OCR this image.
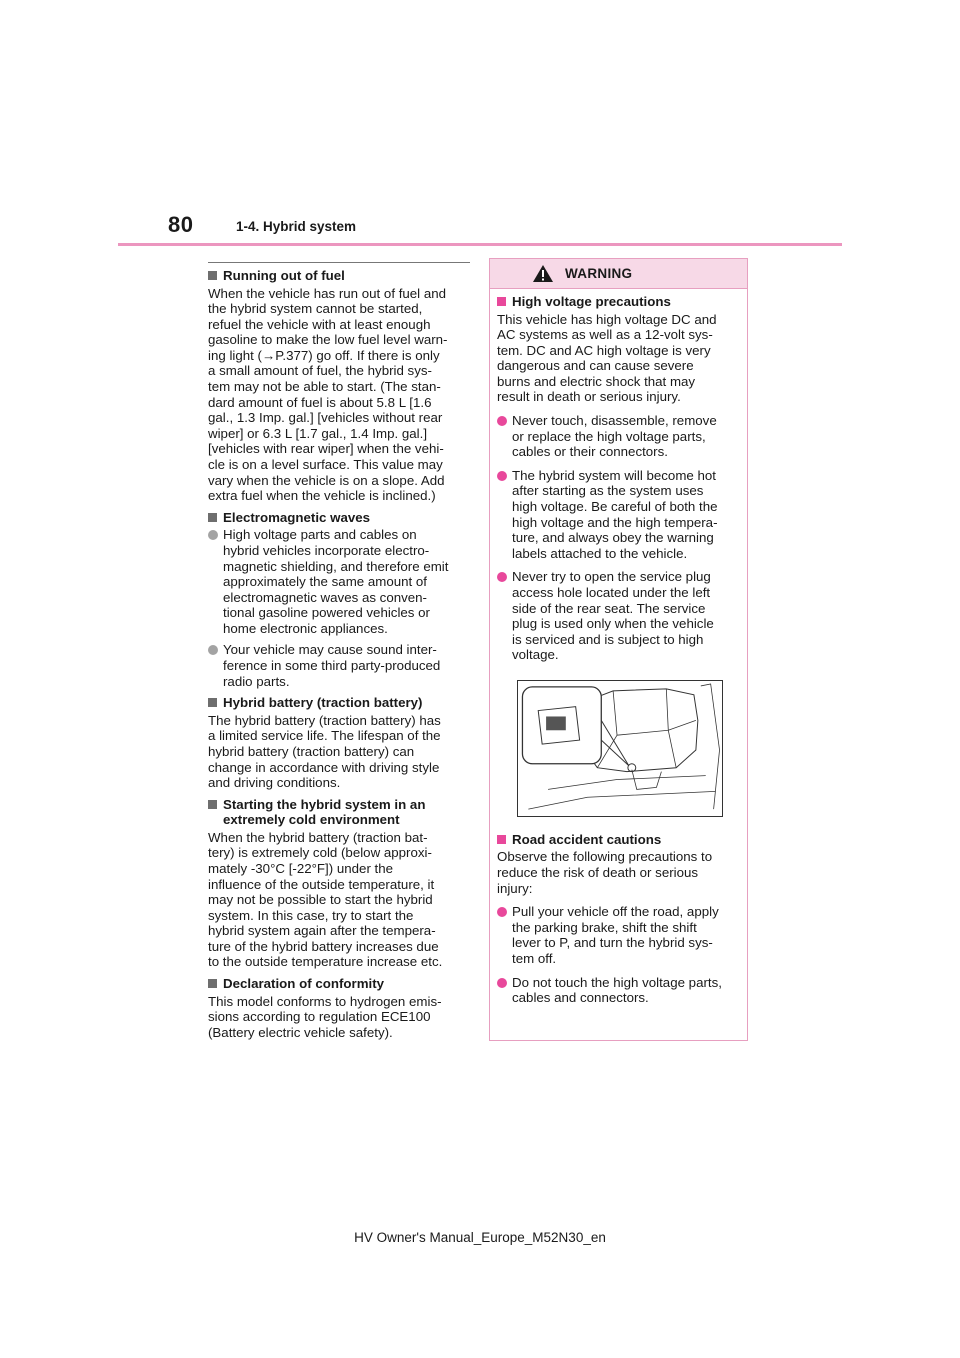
80	1-4. Hybrid system
Running out of fuel

When the vehicle has run out of fuel and
the hybrid system cannot be started,
refuel the vehicle with at least enough
gasoline to make the low fuel level warn-
ing light (→P.377) go off. If there is only
a small amount of fuel, the hybrid sys-
tem may not be able to start. (The stan-
dard amount of fuel is about 5.8 L [1.6
gal., 1.3 Imp. gal.] [vehicles without rear
wiper] or 6.3 L [1.7 gal., 1.4 Imp. gal.]
[vehicles with rear wiper] when the vehi-
cle is on a level surface. This value may
vary when the vehicle is on a slope. Add
extra fuel when the vehicle is inclined.)

Electromagnetic waves
High voltage parts and cables on
hybrid vehicles incorporate electro-
magnetic shielding, and therefore emit
approximately the same amount of
electromagnetic waves as conven-
tional gasoline powered vehicles or
home electronic appliances.
Your vehicle may cause sound inter-
ference in some third party-produced
radio parts.
Hybrid battery (traction battery)

The hybrid battery (traction battery) has
a limited service life. The lifespan of the
hybrid battery (traction battery) can
change in accordance with driving style
and driving conditions.

Starting the hybrid system in an
extremely cold environment

When the hybrid battery (traction bat-
tery) is extremely cold (below approxi-
mately -30°C [-22°F]) under the
influence of the outside temperature, it
may not be possible to start the hybrid
system. In this case, try to start the
hybrid system again after the tempera-
ture of the hybrid battery increases due
to the outside temperature increase etc.

Declaration of conformity

This model conforms to hydrogen emis-
sions according to regulation ECE100
(Battery electric vehicle safety).

WARNING
High voltage precautions

This vehicle has high voltage DC and
AC systems as well as a 12-volt sys-
tem. DC and AC high voltage is very
dangerous and can cause severe
burns and electric shock that may
result in death or serious injury.

Never touch, disassemble, remove
or replace the high voltage parts,
cables or their connectors.
The hybrid system will become hot
after starting as the system uses
high voltage. Be careful of both the
high voltage and the high tempera-
ture, and always obey the warning
labels attached to the vehicle.
Never try to open the service plug
access hole located under the left
side of the rear seat. The service
plug is used only when the vehicle
is serviced and is subject to high
voltage.
Road accident cautions

Observe the following precautions to
reduce the risk of death or serious
injury:

Pull your vehicle off the road, apply
the parking brake, shift the shift
lever to P, and turn the hybrid sys-
tem off.
Do not touch the high voltage parts,
cables and connectors.
HV Owner's Manual_Europe_M52N30_en
